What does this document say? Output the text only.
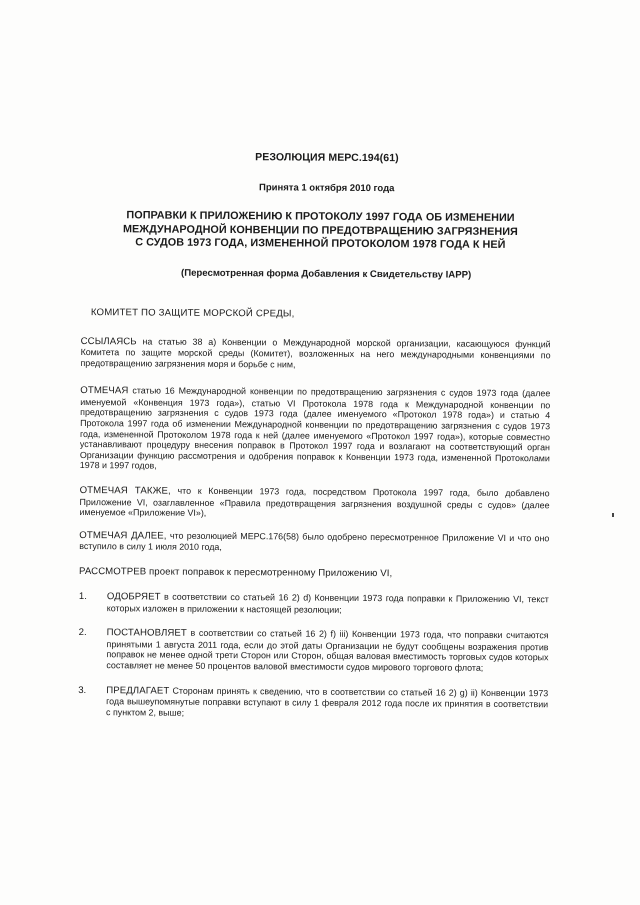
РЕЗОЛЮЦИЯ МЕРС.194(61)
Принята 1 октября 2010 года
ПОПРАВКИ К ПРИЛОЖЕНИЮ К ПРОТОКОЛУ 1997 ГОДА ОБ ИЗМЕНЕНИИ
МЕЖДУНАРОДНОЙ КОНВЕНЦИИ ПО ПРЕДОТВРАЩЕНИЮ ЗАГРЯЗНЕНИЯ
С СУДОВ 1973 ГОДА, ИЗМЕНЕННОЙ ПРОТОКОЛОМ 1978 ГОДА К НЕЙ
(Пересмотренная форма Добавления к Свидетельству IAPP)
КОМИТЕТ ПО ЗАЩИТЕ МОРСКОЙ СРЕДЫ,

ССЫЛАЯСЬ на статью 38 а) Конвенции о Международной морской организации, касающуюся функций Комитета по защите морской среды (Комитет), возложенных на него международными конвенциями по предотвращению загрязнения моря и борьбе с ним,

ОТМЕЧАЯ статью 16 Международной конвенции по предотвращению загрязнения с судов 1973 года (далее именуемой «Конвенция 1973 года»), статью VI Протокола 1978 года к Международной конвенции по предотвращению загрязнения с судов 1973 года (далее именуемого «Протокол 1978 года») и статью 4 Протокола 1997 года об изменении Международной конвенции по предотвращению загрязнения с судов 1973 года, измененной Протоколом 1978 года к ней (далее именуемого «Протокол 1997 года»), которые совместно устанавливают процедуру внесения поправок в Протокол 1997 года и возлагают на соответствующий орган Организации функцию рассмотрения и одобрения поправок к Конвенции 1973 года, измененной Протоколами 1978 и 1997 годов,

ОТМЕЧАЯ ТАКЖЕ, что к Конвенции 1973 года, посредством Протокола 1997 года, было добавлено Приложение VI, озаглавленное «Правила предотвращения загрязнения воздушной среды с судов» (далее именуемое «Приложение VI»),

ОТМЕЧАЯ ДАЛЕЕ, что резолюцией МЕРС.176(58) было одобрено пересмотренное Приложение VI и что оно вступило в силу 1 июля 2010 года,

РАССМОТРЕВ проект поправок к пересмотренному Приложению VI,
1.	ОДОБРЯЕТ в соответствии со статьей 16 2) d) Конвенции 1973 года поправки к Приложению VI, текст которых изложен в приложении к настоящей резолюции;

2.	ПОСТАНОВЛЯЕТ в соответствии со статьей 16 2) f) iii) Конвенции 1973 года, что поправки считаются принятыми 1 августа 2011 года, если до этой даты Организации не будут сообщены возражения против поправок не менее одной трети Сторон или Сторон, общая валовая вместимость торговых судов которых составляет не менее 50 процентов валовой вместимости судов мирового торгового флота;

3.	ПРЕДЛАГАЕТ Сторонам принять к сведению, что в соответствии со статьей 16 2) g) ii) Конвенции 1973 года вышеупомянутые поправки вступают в силу 1 февраля 2012 года после их принятия в соответствии с пунктом 2, выше;
